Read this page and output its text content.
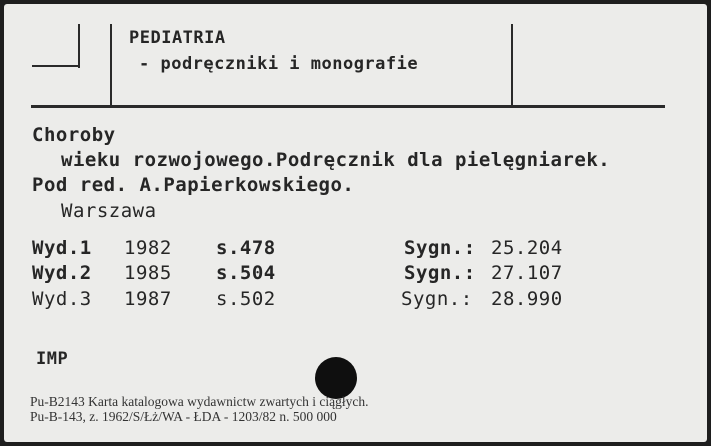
PEDIATRIA
- podręczniki i monografie
Choroby
wieku rozwojowego.Podręcznik dla pielęgniarek.
Pod red. A.Papierkowskiego.
Warszawa
Wyd.1 1982 s.478	Sygn.: 25.204
Wyd.2 1985 s.504	Sygn.: 27.107
Wyd.3 1987 s.502	Sygn.: 28.990
IMP
Pu-B2143 Karta katalogowa wydawnictw zwartych i ciągłych.
Pu-B-143, z. 1962/S/Łż/WA - ŁDA - 1203/82 n. 500 000
